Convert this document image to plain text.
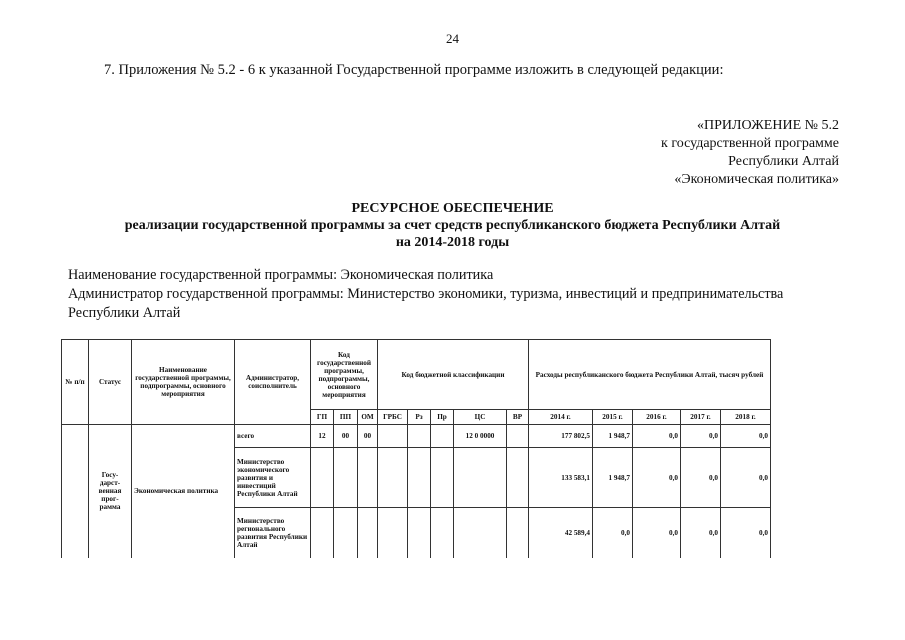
24
7. Приложения № 5.2 - 6 к указанной Государственной программе изложить в следующей редакции:
«ПРИЛОЖЕНИЕ № 5.2
к государственной программе
Республики Алтай
«Экономическая политика»
РЕСУРСНОЕ ОБЕСПЕЧЕНИЕ
реализации государственной программы за счет средств республиканского бюджета Республики Алтай
на 2014-2018 годы
Наименование государственной программы: Экономическая политика
Администратор государственной программы: Министерство экономики, туризма, инвестиций и предпринимательства
Республики Алтай
№ п/п	Статус	Наименование государственной программы, подпрограммы, основного мероприятия	Администратор, соисполнитель	Код государственной программы, подпрограммы, основного мероприятия			Код бюджетной классификации					Расходы республиканского бюджета Республики Алтай, тысяч рублей				
				ГП	ПП	ОМ	ГРБС	Рз	Пр	ЦС	ВР	2014 г.	2015 г.	2016 г.	2017 г.	2018 г.
	Госу- дарст- венная прог- рамма	Экономическая политика	всего	12	00	00				12 0 0000		177 802,5	1 948,7	0,0	0,0	0,0
			Министерство экономического развития и инвестиций Республики Алтай									133 583,1	1 948,7	0,0	0,0	0,0
			Министерство регионального развития Республики Алтай									42 589,4	0,0	0,0	0,0	0,0
